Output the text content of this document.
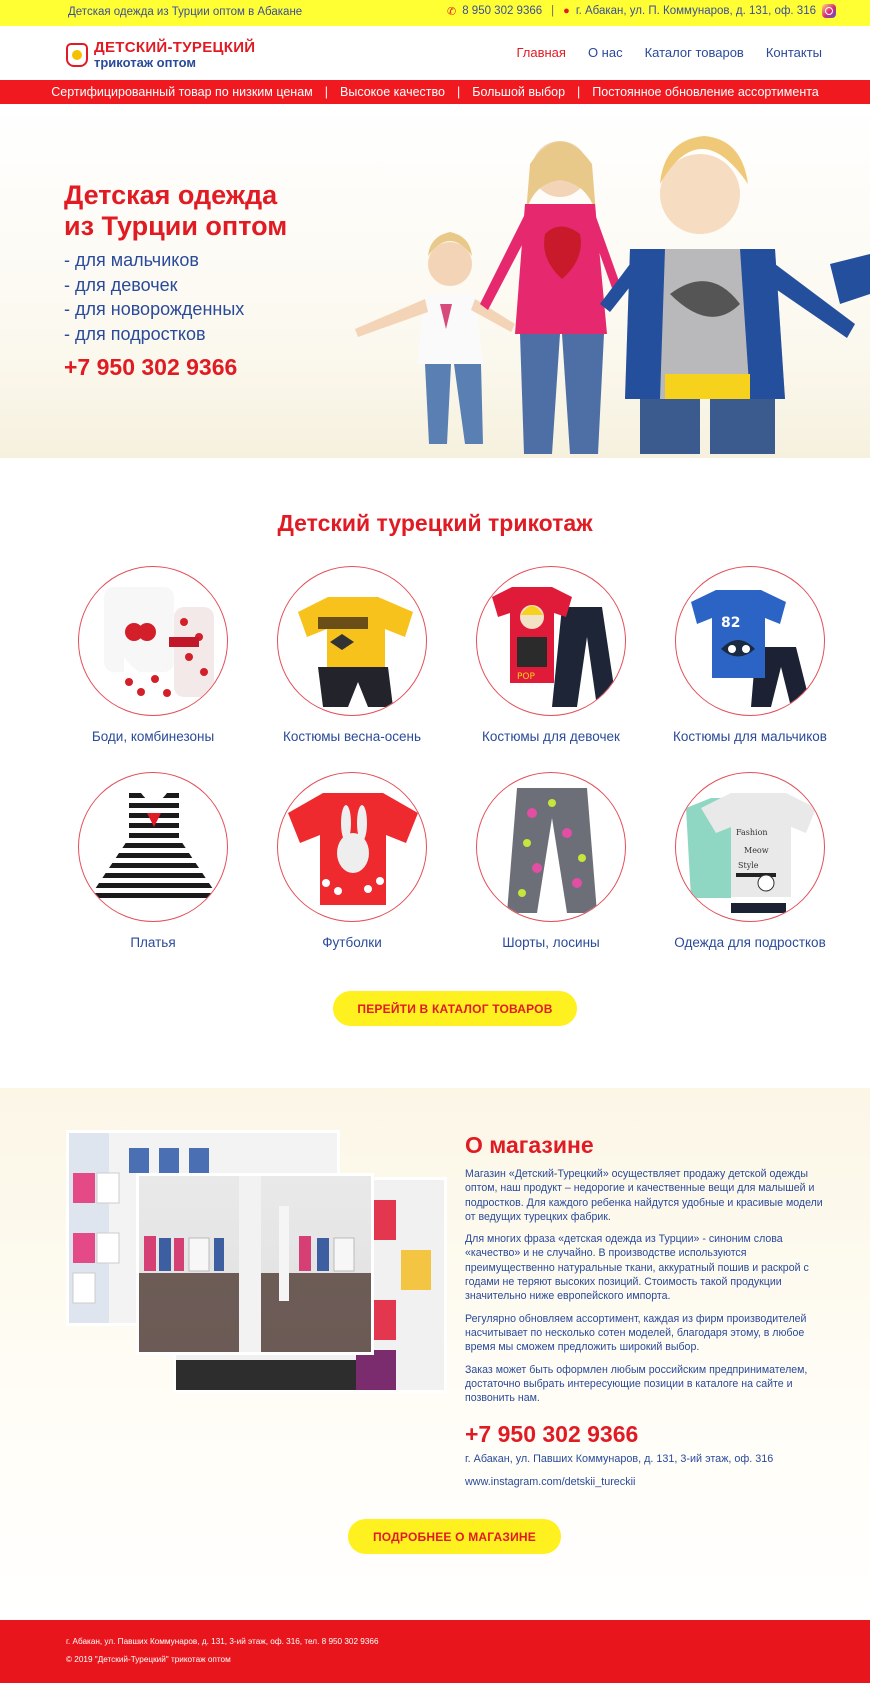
Детская одежда из Турции оптом в Абакане	✆ 8 950 302 9366 | ● г. Абакан, ул. П. Коммунаров, д. 131, оф. 316
ДЕТСКИЙ-ТУРЕЦКИЙ
трикотаж оптом
Главная О нас Каталог товаров Контакты
Сертифицированный товар по низким ценам | Высокое качество | Большой выбор | Постоянное обновление ассортимента
Детская одежда
из Турции оптом
- для мальчиков
- для девочек
- для новорожденных
- для подростков
+7 950 302 9366
Детский турецкий трикотаж
Боди, комбинезоны	Костюмы весна-осень
POP
Костюмы для девочек
82
Костюмы для мальчиков
Платья	Футболки	Шорты, лосины
Fashion
Meow
Style
Одежда для подростков
ПЕРЕЙТИ В КАТАЛОГ ТОВАРОВ
О магазине

Магазин «Детский-Турецкий» осуществляет продажу детской одежды оптом, наш продукт – недорогие и качественные вещи для малышей и подростков. Для каждого ребенка найдутся удобные и красивые модели от ведущих турецких фабрик.

Для многих фраза «детская одежда из Турции» - синоним слова «качество» и не случайно. В производстве используются преимущественно натуральные ткани, аккуратный пошив и раскрой с годами не теряют высоких позиций. Стоимость такой продукции значительно ниже европейского импорта.

Регулярно обновляем ассортимент, каждая из фирм производителей насчитывает по несколько сотен моделей, благодаря этому, в любое время мы сможем предложить широкий выбор.

Заказ может быть оформлен любым российским предпринимателем, достаточно выбрать интересующие позиции в каталоге на сайте и позвонить нам.

+7 950 302 9366
г. Абакан, ул. Павших Коммунаров, д. 131, 3-ий этаж, оф. 316
www.instagram.com/detskii_tureckii
ПОДРОБНЕЕ О МАГАЗИНЕ
г. Абакан, ул. Павших Коммунаров, д. 131, 3-ий этаж, оф. 316, тел. 8 950 302 9366
© 2019 "Детский-Турецкий" трикотаж оптом
